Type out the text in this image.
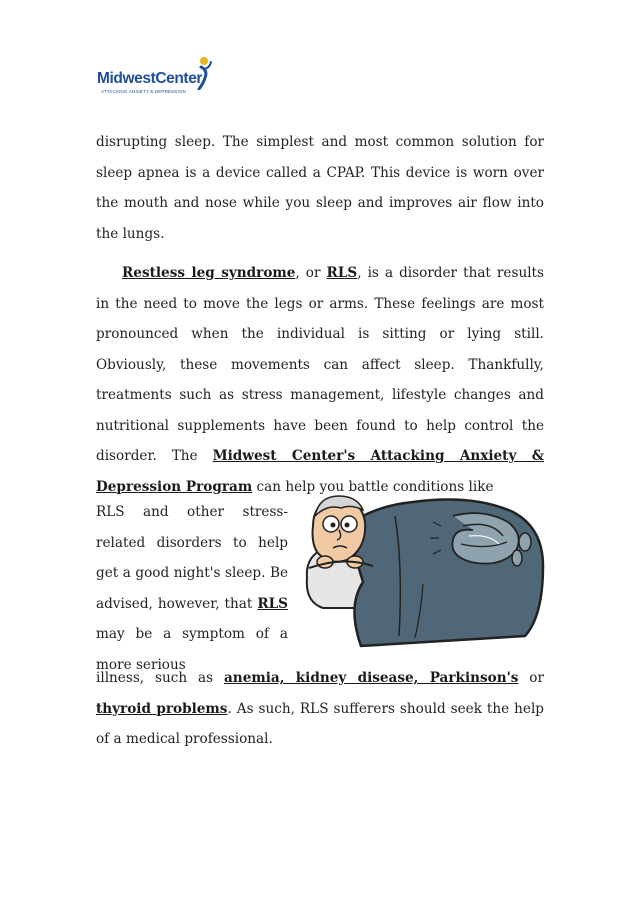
MidwestCenter
ATTACKING ANXIETY & DEPRESSION

disrupting sleep. The simplest and most common solution for sleep apnea is a device called a CPAP. This device is worn over the mouth and nose while you sleep and improves air flow into the lungs.

Restless leg syndrome, or RLS, is a disorder that results in the need to move the legs or arms. These feelings are most pronounced when the individual is sitting or lying still. Obviously, these movements can affect sleep. Thankfully, treatments such as stress management, lifestyle changes and nutritional supplements have been found to help control the disorder. The Midwest Center's Attacking Anxiety & Depression Program can help you battle conditions like

RLS and other stress-related disorders to help get a good night's sleep. Be advised, however, that RLS may be a symptom of a more serious

illness, such as anemia, kidney disease, Parkinson's or thyroid problems. As such, RLS sufferers should seek the help of a medical professional.
